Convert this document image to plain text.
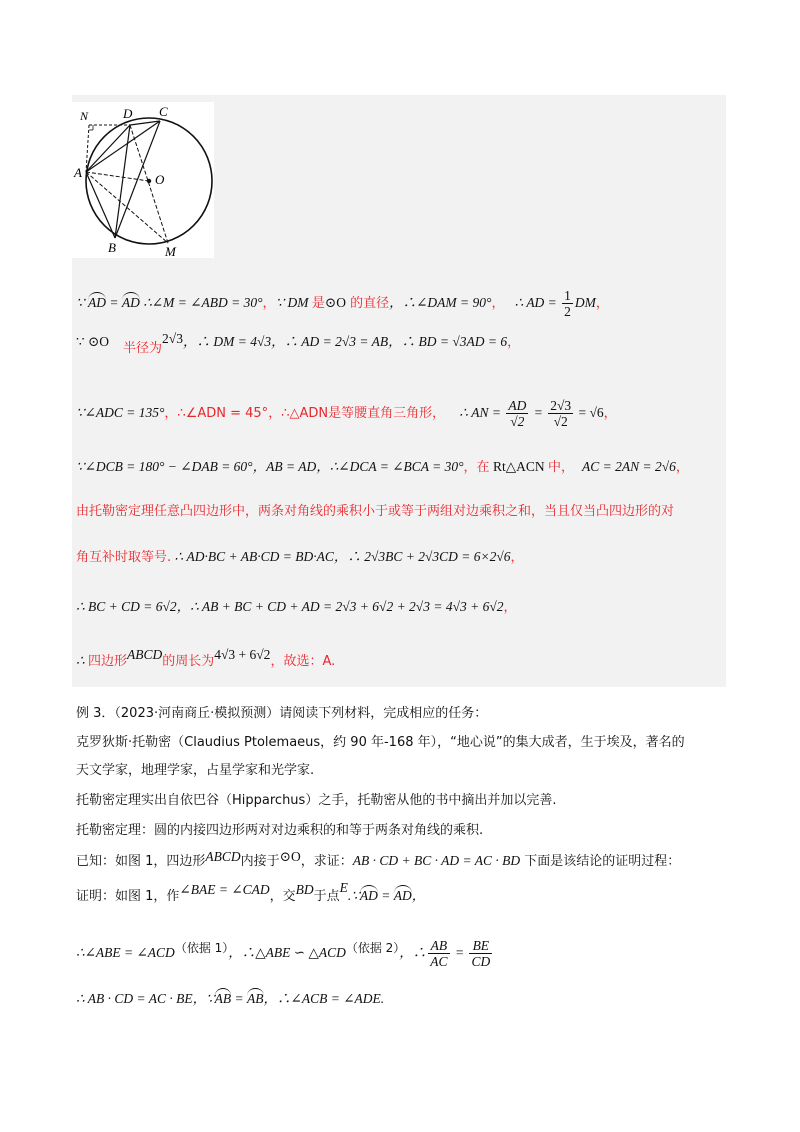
N	D C
A	O
B	M
∵ AD = AD ∴∠M = ∠ABD = 30°，∵ DM 是⊙O 的直径，∴∠DAM = 90°， ∴ AD = $\frac{1}{2}$ DM，
∵ ⊙O 半径为2√3，∴ DM = 4√3，∴ AD = 2√3 = AB，∴ BD = √3AD = 6，
∵∠ADC = 135°，∴∠ADN = 45°，∴△ADN是等腰直角三角形， ∴ AN = $\frac{AD}{√2} = \frac{2√3}{√2} = √6$，
∵∠DCB = 180° − ∠DAB = 60°，AB = AD，∴∠DCA = ∠BCA = 30°，在 Rt△ACN 中， AC = 2AN = 2√6，
由托勒密定理任意凸四边形中，两条对角线的乘积小于或等于两组对边乘积之和，当且仅当凸四边形的对
角互补时取等号. ∴ AD·BC + AB·CD = BD·AC，∴ 2√3BC + 2√3CD = 6×2√6，
∴ BC + CD = 6√2，∴ AB + BC + CD + AD = 2√3 + 6√2 + 2√3 = 4√3 + 6√2，
∴ 四边形ABCD的周长为4√3 + 6√2，故选：A.
例 3．（2023·河南商丘·模拟预测）请阅读下列材料，完成相应的任务：
克罗狄斯·托勒密（Claudius Ptolemaeus，约 90 年-168 年），“地心说”的集大成者，生于埃及，著名的
天文学家，地理学家，占星学家和光学家.
托勒密定理实出自依巴谷（Hipparchus）之手，托勒密从他的书中摘出并加以完善.
托勒密定理：圆的内接四边形两对对边乘积的和等于两条对角线的乘积.
已知：如图 1，四边形ABCD内接于⊙O，求证：AB · CD + BC · AD = AC · BD 下面是该结论的证明过程：
证明：如图 1，作∠BAE = ∠CAD，交BD于点E.∵AD = AD，
∴∠ABE = ∠ACD（依据 1），∴△ABE ∽ △ACD（依据 2），∴ $\frac{AB}{AC} = \frac{BE}{CD}$
∴ AB · CD = AC · BE，∵AB = AB，∴∠ACB = ∠ADE.
